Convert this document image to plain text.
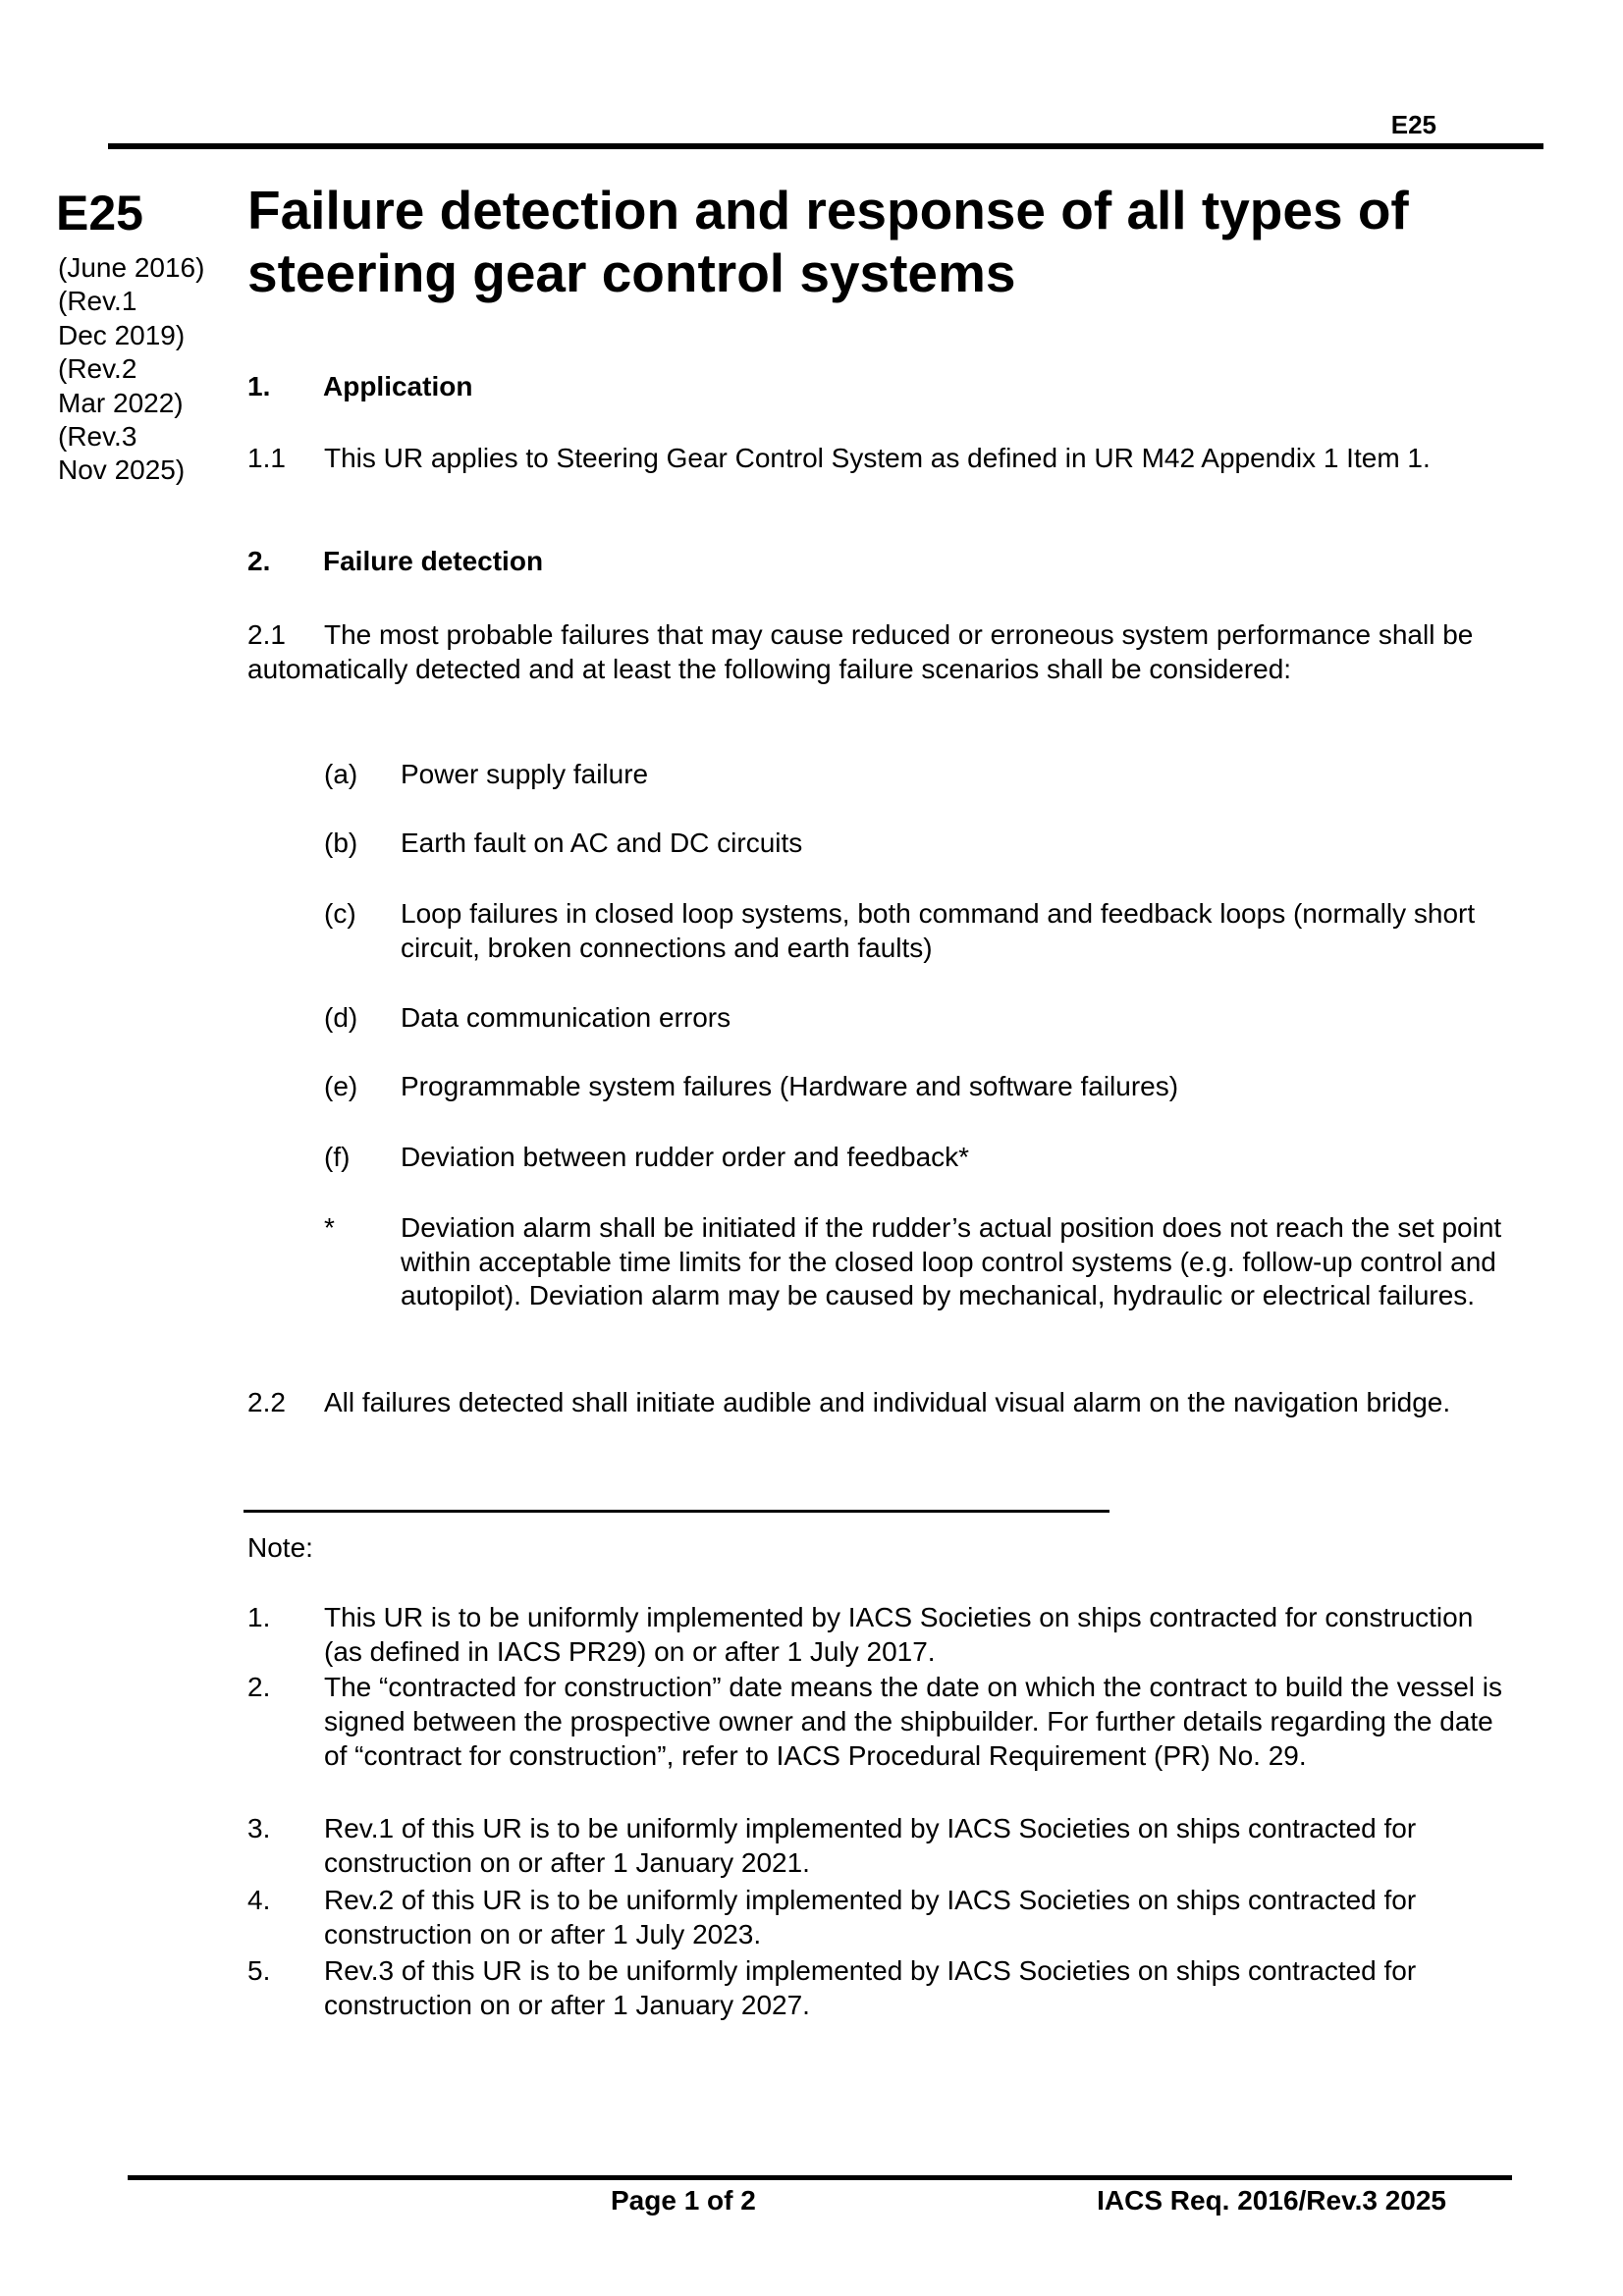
E25
E25
(June 2016)
(Rev.1
Dec 2019)
(Rev.2
Mar 2022)
(Rev.3
Nov 2025)
Failure detection and response of all types of steering gear control systems
1. Application
1.1 This UR applies to Steering Gear Control System as defined in UR M42 Appendix 1 Item 1.
2. Failure detection
2.1 The most probable failures that may cause reduced or erroneous system performance shall be automatically detected and at least the following failure scenarios shall be considered:
(a) Power supply failure
(b) Earth fault on AC and DC circuits
(c) Loop failures in closed loop systems, both command and feedback loops (normally short circuit, broken connections and earth faults)
(d) Data communication errors
(e) Programmable system failures (Hardware and software failures)
(f) Deviation between rudder order and feedback*
* Deviation alarm shall be initiated if the rudder’s actual position does not reach the set point within acceptable time limits for the closed loop control systems (e.g. follow-up control and autopilot). Deviation alarm may be caused by mechanical, hydraulic or electrical failures.
2.2 All failures detected shall initiate audible and individual visual alarm on the navigation bridge.
Note:
1. This UR is to be uniformly implemented by IACS Societies on ships contracted for construction (as defined in IACS PR29) on or after 1 July 2017.
2. The “contracted for construction” date means the date on which the contract to build the vessel is signed between the prospective owner and the shipbuilder. For further details regarding the date of “contract for construction”, refer to IACS Procedural Requirement (PR) No. 29.
3. Rev.1 of this UR is to be uniformly implemented by IACS Societies on ships contracted for construction on or after 1 January 2021.
4. Rev.2 of this UR is to be uniformly implemented by IACS Societies on ships contracted for construction on or after 1 July 2023.
5. Rev.3 of this UR is to be uniformly implemented by IACS Societies on ships contracted for construction on or after 1 January 2027.
Page 1 of 2	IACS Req. 2016/Rev.3 2025
